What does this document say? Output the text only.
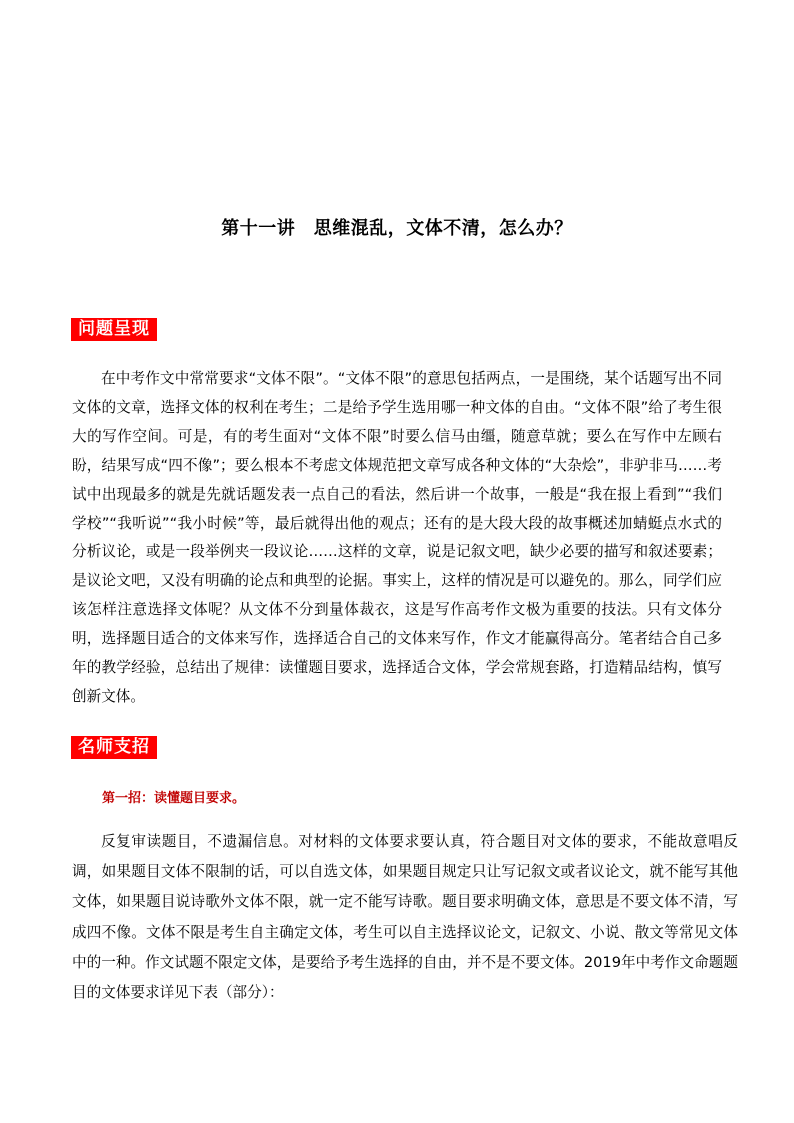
第十一讲　思维混乱，文体不清，怎么办？
问题呈现
在中考作文中常常要求“文体不限”。“文体不限”的意思包括两点，一是围绕，某个话题写出不同文体的文章，选择文体的权利在考生；二是给予学生选用哪一种文体的自由。“文体不限”给了考生很大的写作空间。可是，有的考生面对“文体不限”时要么信马由缰，随意草就；要么在写作中左顾右盼，结果写成“四不像”；要么根本不考虑文体规范把文章写成各种文体的“大杂烩”，非驴非马……考试中出现最多的就是先就话题发表一点自己的看法，然后讲一个故事，一般是“我在报上看到”“我们学校”“我听说”“我小时候”等，最后就得出他的观点；还有的是大段大段的故事概述加蜻蜓点水式的分析议论，或是一段举例夹一段议论……这样的文章，说是记叙文吧，缺少必要的描写和叙述要素；是议论文吧，又没有明确的论点和典型的论据。事实上，这样的情况是可以避免的。那么，同学们应该怎样注意选择文体呢？从文体不分到量体裁衣，这是写作高考作文极为重要的技法。只有文体分明，选择题目适合的文体来写作，选择适合自己的文体来写作，作文才能赢得高分。笔者结合自己多年的教学经验，总结出了规律：读懂题目要求，选择适合文体，学会常规套路，打造精品结构，慎写创新文体。
名师支招
第一招：读懂题目要求。
反复审读题目，不遗漏信息。对材料的文体要求要认真，符合题目对文体的要求，不能故意唱反调，如果题目文体不限制的话，可以自选文体，如果题目规定只让写记叙文或者议论文，就不能写其他文体，如果题目说诗歌外文体不限，就一定不能写诗歌。题目要求明确文体，意思是不要文体不清，写成四不像。文体不限是考生自主确定文体，考生可以自主选择议论文，记叙文、小说、散文等常见文体中的一种。作文试题不限定文体，是要给予考生选择的自由，并不是不要文体。2019年中考作文命题题目的文体要求详见下表（部分）：
